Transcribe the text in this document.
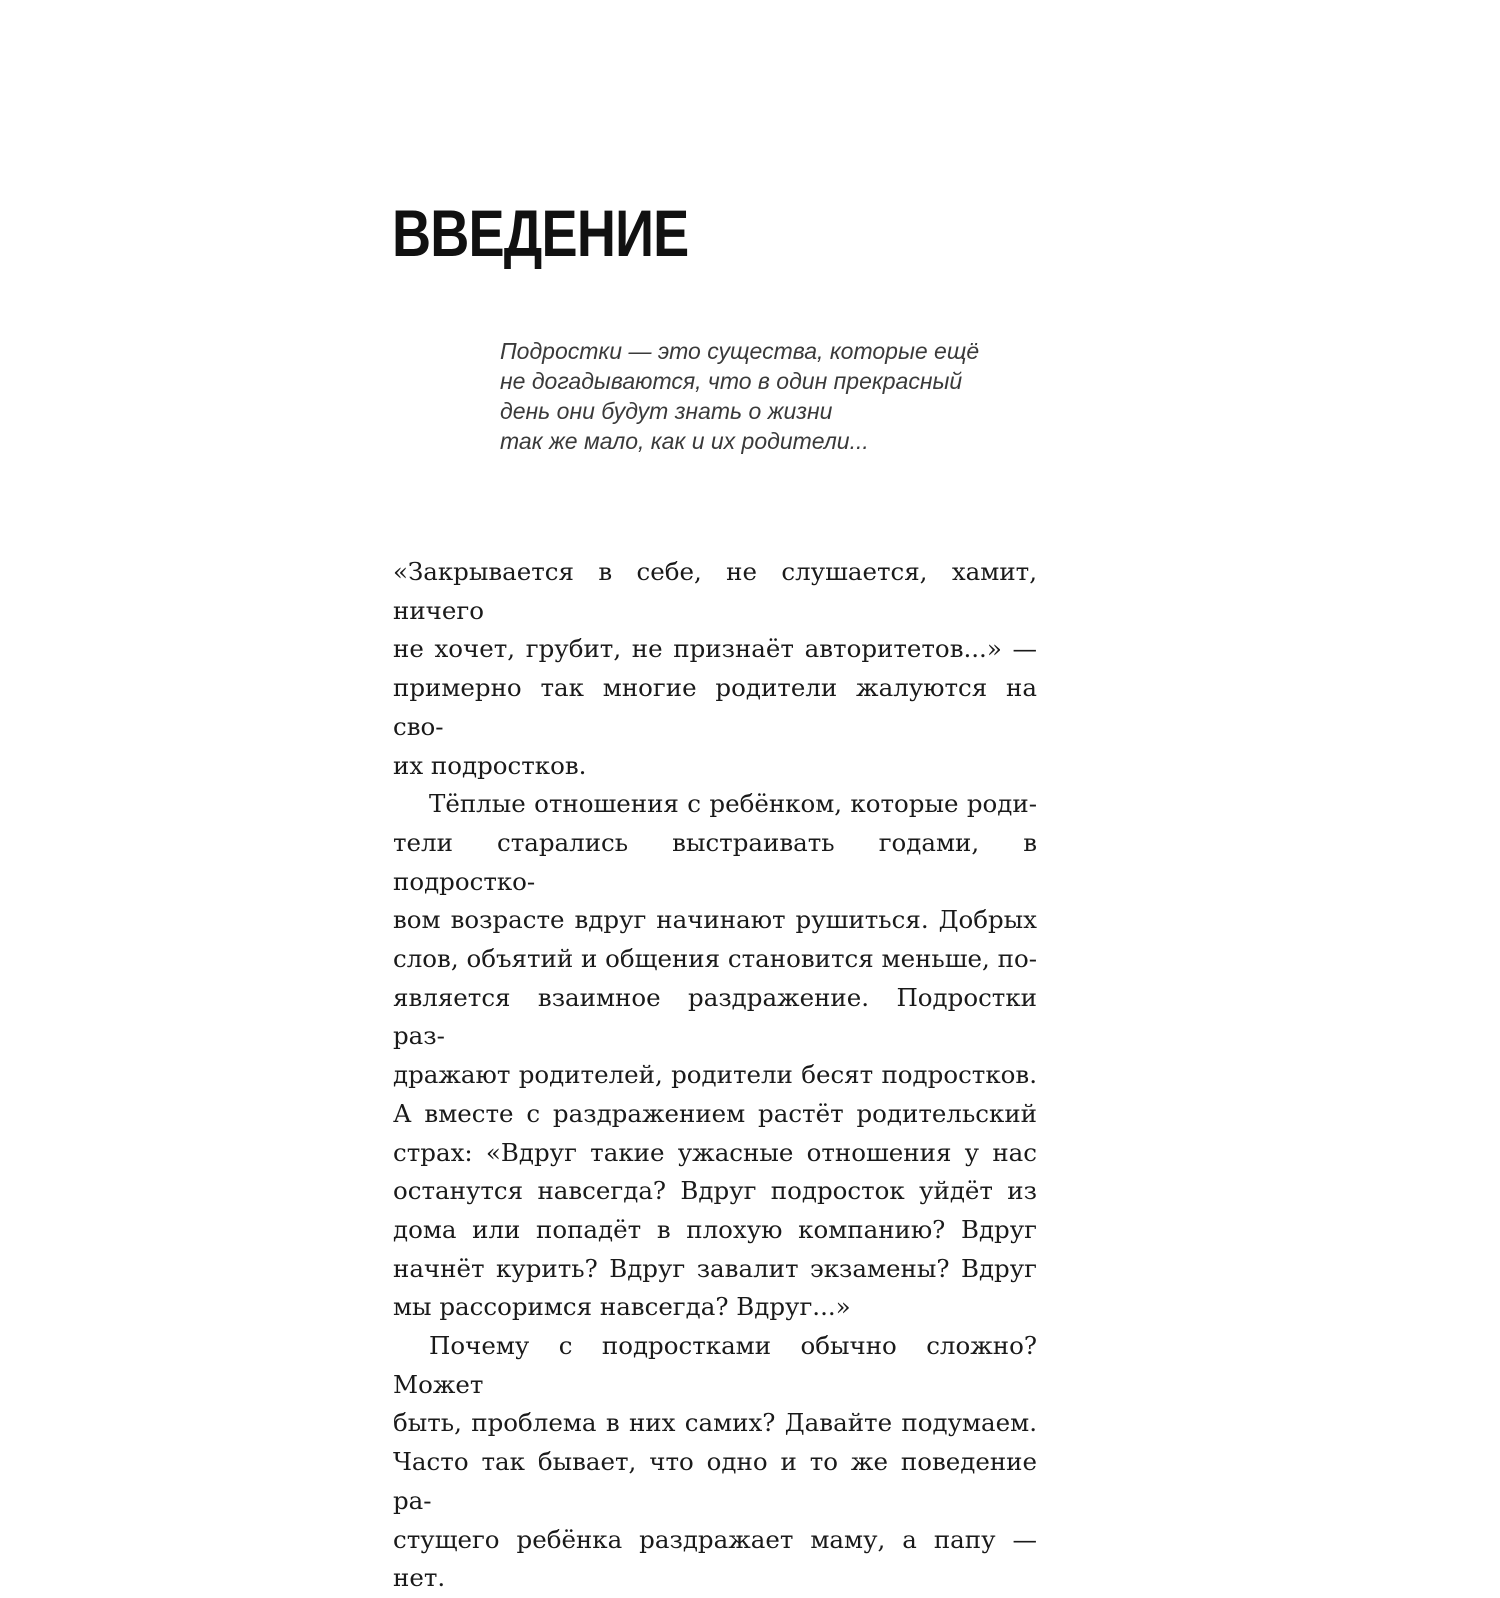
ВВЕДЕНИЕ
Подростки — это существа, которые ещё
не догадываются, что в один прекрасный
день они будут знать о жизни
так же мало, как и их родители...

«Закрывается в себе, не слушается, хамит, ничего
не хочет, грубит, не признаёт авторитетов...» —
примерно так многие родители жалуются на сво-
их подростков.

Тёплые отношения с ребёнком, которые роди-
тели старались выстраивать годами, в подростко-
вом возрасте вдруг начинают рушиться. Добрых
слов, объятий и общения становится меньше, по-
является взаимное раздражение. Подростки раз-
дражают родителей, родители бесят подростков.
А вместе с раздражением растёт родительский
страх: «Вдруг такие ужасные отношения у нас
останутся навсегда? Вдруг подросток уйдёт из
дома или попадёт в плохую компанию? Вдруг
начнёт курить? Вдруг завалит экзамены? Вдруг
мы рассоримся навсегда? Вдруг...»

Почему с подростками обычно сложно? Может
быть, проблема в них самих? Давайте подумаем.
Часто так бывает, что одно и то же поведение ра-
стущего ребёнка раздражает маму, а папу — нет.
